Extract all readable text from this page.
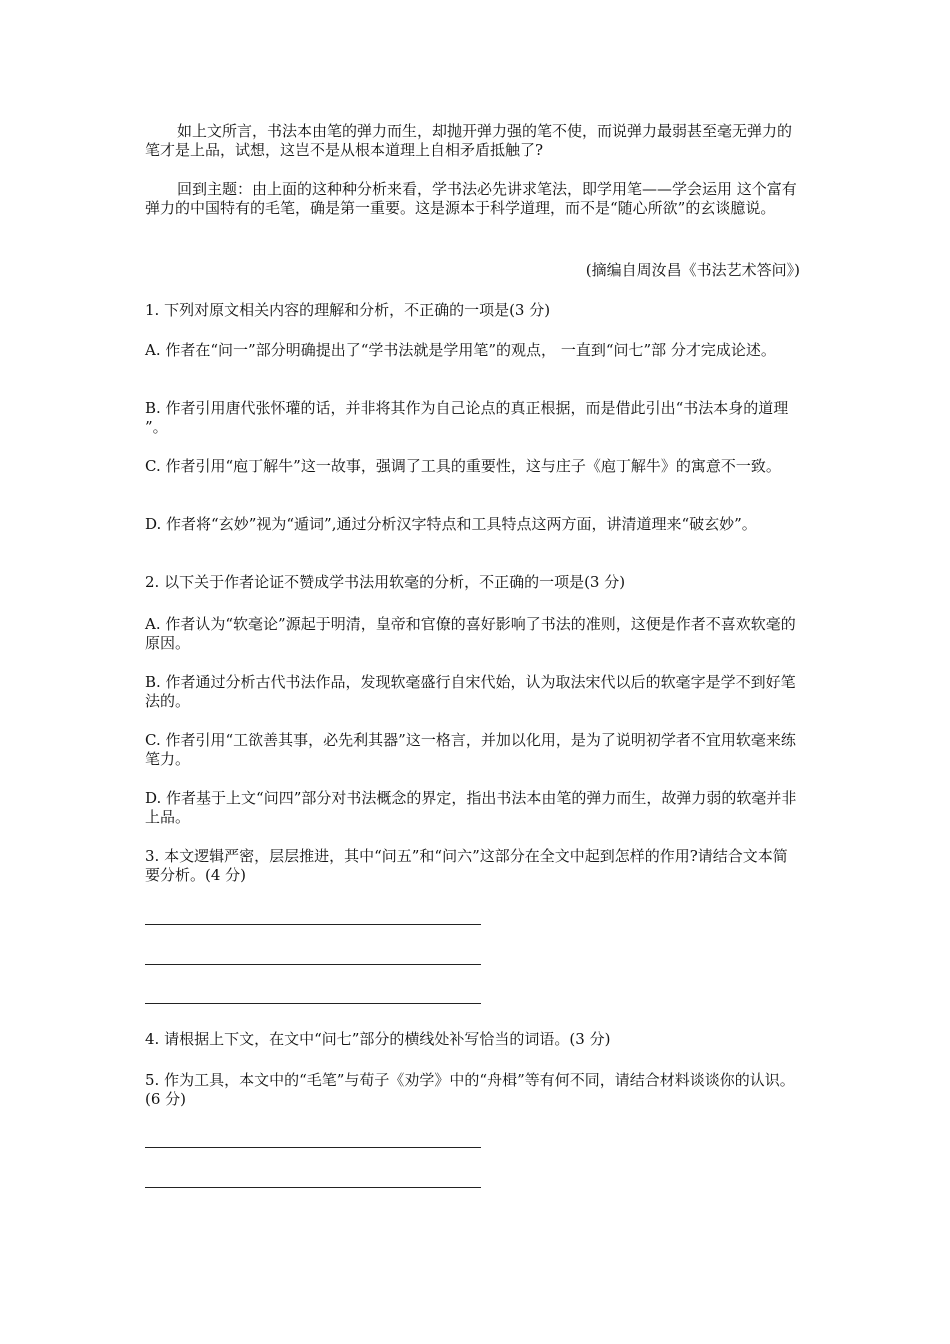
如上文所言，书法本由笔的弹力而生，却抛开弹力强的笔不使，而说弹力最弱甚至毫无弹力的笔才是上品，试想，这岂不是从根本道理上自相矛盾抵触了?

回到主题：由上面的这种种分析来看，学书法必先讲求笔法，即学用笔——学会运用 这个富有弹力的中国特有的毛笔，确是第一重要。这是源本于科学道理，而不是“随心所欲”的玄谈臆说。

(摘编自周汝昌《书法艺术答问》)

1. 下列对原文相关内容的理解和分析，不正确的一项是(3 分)

A. 作者在“问一”部分明确提出了“学书法就是学用笔”的观点， 一直到“问七”部 分才完成论述。

B. 作者引用唐代张怀瓘的话，并非将其作为自己论点的真正根据，而是借此引出“书法本身的道理 ”。

C. 作者引用“庖丁解牛”这一故事，强调了工具的重要性，这与庄子《庖丁解牛》的寓意不一致。

D. 作者将“玄妙”视为“遁词”,通过分析汉字特点和工具特点这两方面，讲清道理来“破玄妙”。

2. 以下关于作者论证不赞成学书法用软毫的分析，不正确的一项是(3 分)

A. 作者认为“软毫论”源起于明清，皇帝和官僚的喜好影响了书法的准则，这便是作者不喜欢软毫的原因。

B. 作者通过分析古代书法作品，发现软毫盛行自宋代始，认为取法宋代以后的软毫字是学不到好笔法的。

C. 作者引用“工欲善其事，必先利其器”这一格言，并加以化用，是为了说明初学者不宜用软毫来练笔力。

D. 作者基于上文“问四”部分对书法概念的界定，指出书法本由笔的弹力而生，故弹力弱的软毫并非上品。

3. 本文逻辑严密，层层推进，其中“问五”和“问六”这部分在全文中起到怎样的作用?请结合文本简要分析。(4 分)

4. 请根据上下文，在文中“问七”部分的横线处补写恰当的词语。(3 分)

5. 作为工具，本文中的“毛笔”与荀子《劝学》中的“舟楫”等有何不同，请结合材料谈谈你的认识。(6 分)
